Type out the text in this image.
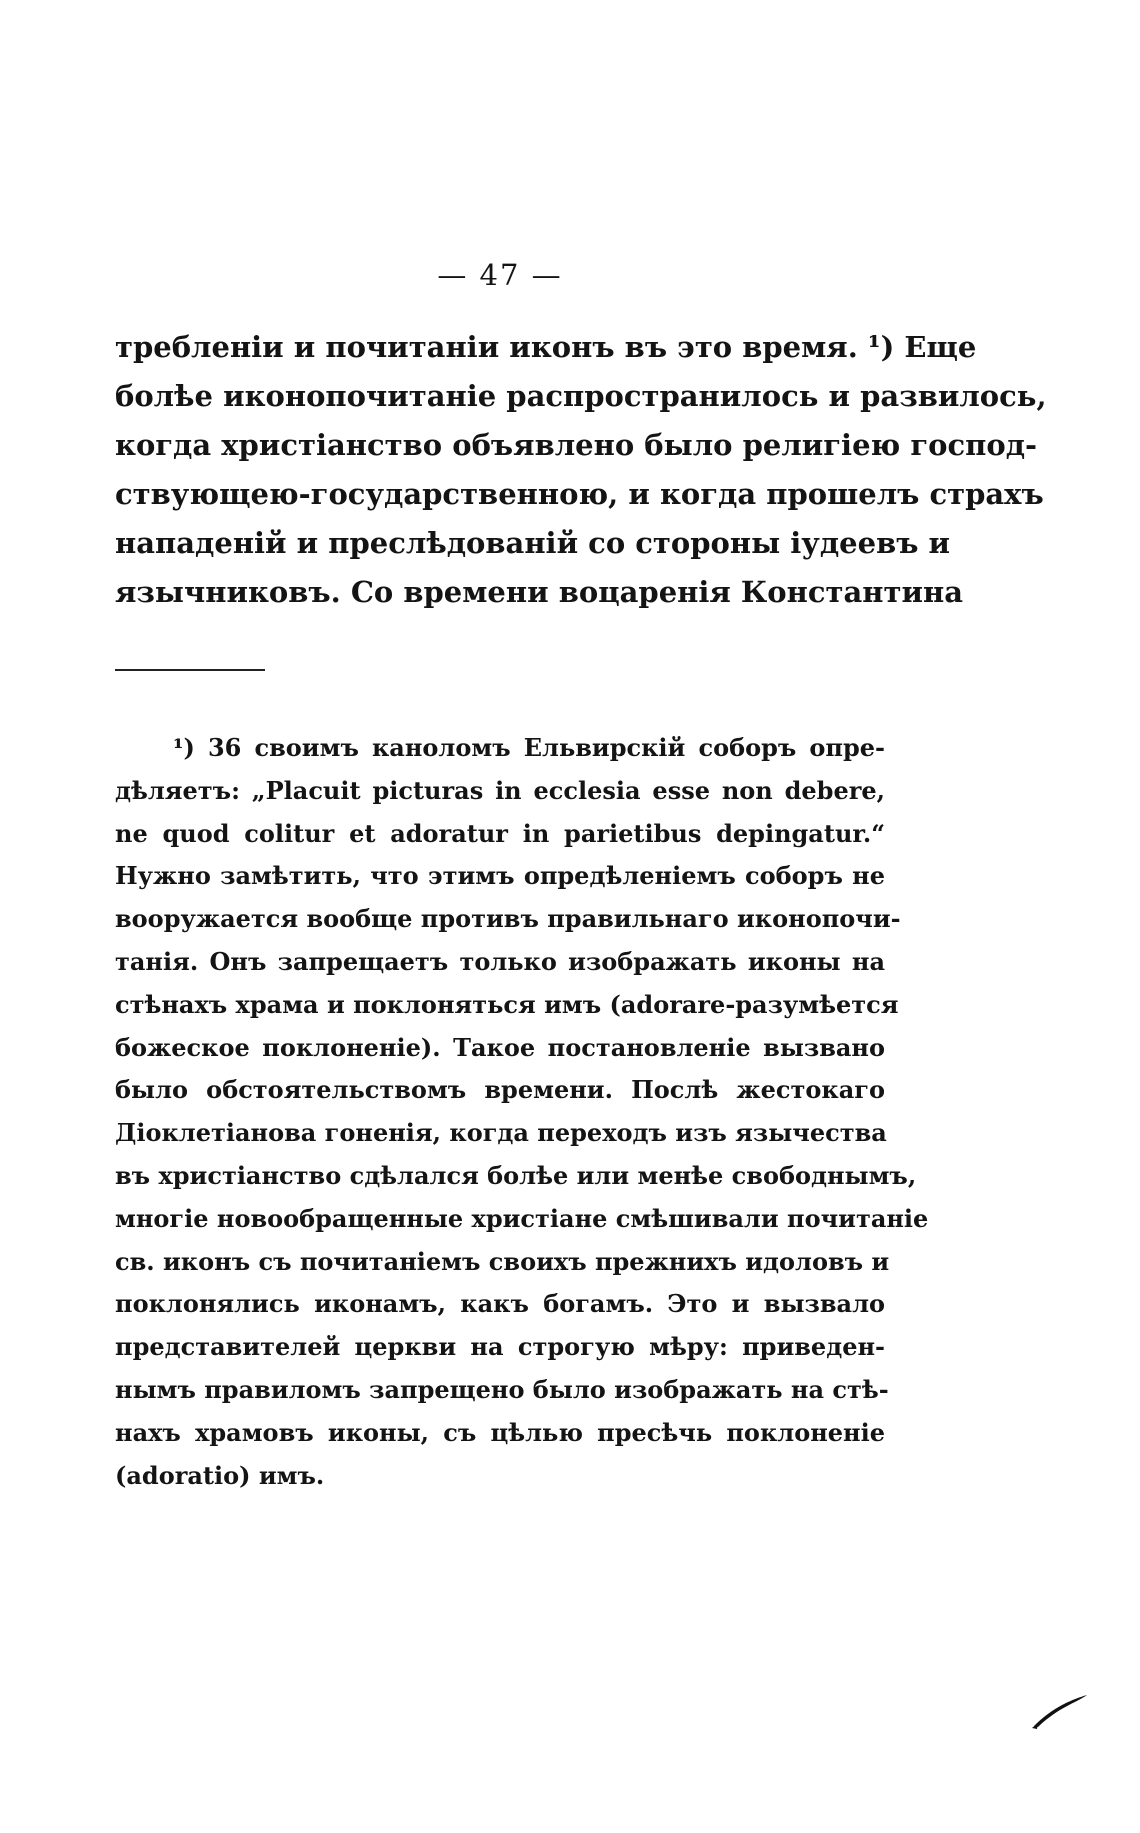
— 47 —
требленіи и почитаніи иконъ въ это время. ¹) Еще
болѣе иконопочитаніе распространилось и развилось,
когда христіанство объявлено было религіею господ-
ствующею-государственною, и когда прошелъ страхъ
нападеній и преслѣдованій со стороны іудеевъ и
язычниковъ. Со времени воцаренія Константина
¹) 36 своимъ каноломъ Ельвирскій соборъ опре-
дѣляетъ: „Placuit picturas in ecclesia esse non debere,
ne quod colitur et adoratur in parietibus depingatur.“
Нужно замѣтить, что этимъ опредѣленіемъ соборъ не
вооружается вообще противъ правильнаго иконопочи-
танія. Онъ запрещаетъ только изображать иконы на
стѣнахъ храма и поклоняться имъ (adorare-разумѣется
божеское поклоненіе). Такое постановленіе вызвано
было обстоятельствомъ времени. Послѣ жестокаго
Діоклетіанова гоненія, когда переходъ изъ язычества
въ христіанство сдѣлался болѣе или менѣе свободнымъ,
многіе новообращенные христіане смѣшивали почитаніе
св. иконъ съ почитаніемъ своихъ прежнихъ идоловъ и
поклонялись иконамъ, какъ богамъ. Это и вызвало
представителей церкви на строгую мѣру: приведен-
нымъ правиломъ запрещено было изображать на стѣ-
нахъ храмовъ иконы, съ цѣлью пресѣчь поклоненіе
(adoratio) имъ.
